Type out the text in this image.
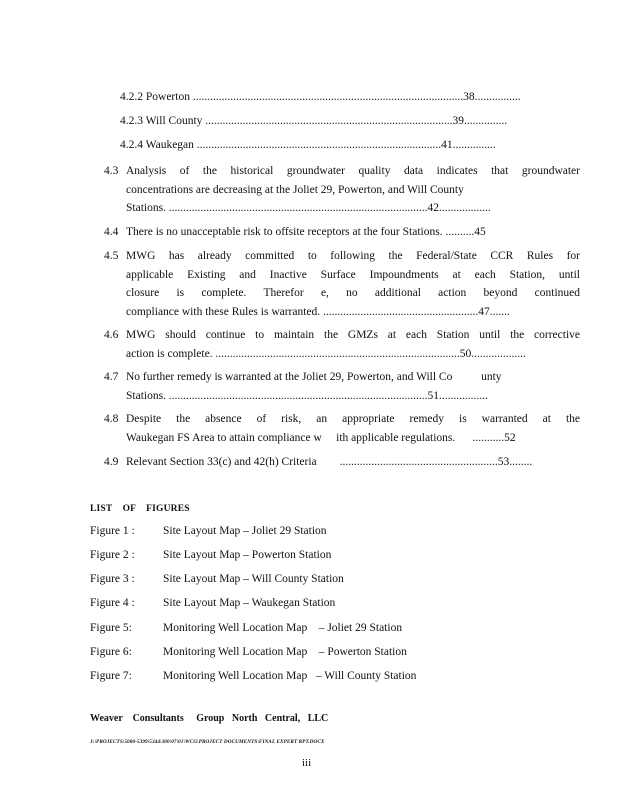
4.2.2 Powerton ..............................................................................................38................
4.2.3 Will County ......................................................................................39...............
4.2.4 Waukegan .....................................................................................41...............
4.3 Analysis of the historical groundwater quality data indicates that groundwater
concentrations are decreasing at the Joliet 29, Powerton, and Will County
Stations. ..........................................................................................42..................
4.4 There is no unacceptable risk to offsite receptors at the four Stations. ..........45
4.5 MWG has already committed to following the Federal/State CCR Rules for
applicable Existing and Inactive Surface Impoundments at each Station, until
closure is complete. Therefor e, no additional action beyond continued
compliance with these Rules is warranted. ......................................................47.......
4.6 MWG should continue to maintain the GMZs at each Station until the corrective
action is complete. .....................................................................................50...................
4.7 No further remedy is warranted at the Joliet 29, Powerton, and Will Co          unty
Stations. ..........................................................................................51.................
4.8 Despite the absence of risk, an appropriate remedy is warranted at the
Waukegan FS Area to attain compliance w     ith applicable regulations.      ...........52
4.9 Relevant Section 33(c) and 42(h) Criteria        .......................................................53........
LIST    OF    FIGURES
Figure 1 : Site Layout Map – Joliet 29 Station
Figure 2 : Site Layout Map – Powerton Station
Figure 3 : Site Layout Map – Will County Station
Figure 4 : Site Layout Map – Waukegan Station
Figure 5:	Monitoring Well Location Map    – Joliet 29 Station
Figure 6:	Monitoring Well Location Map    – Powerton Station
Figure 7:	Monitoring Well Location Map   – Will County Station
Weaver    Consultants     Group   North   Central,   LLC
J:\PROJECTS\5000-5399\5344\300\07\01\WCG\PROJECT DOCUMENTS\FINAL EXPERT RPT.DOCX
iii
